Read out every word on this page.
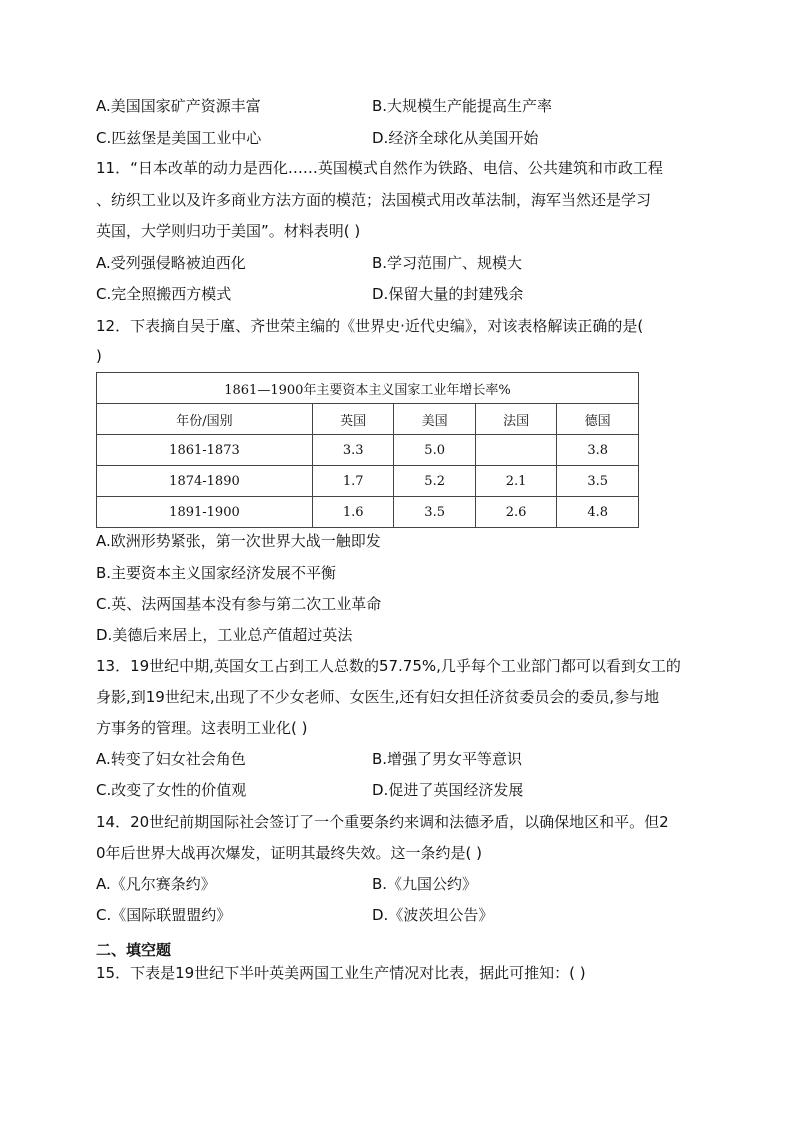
A.美国国家矿产资源丰富	B.大规模生产能提高生产率
C.匹兹堡是美国工业中心	D.经济全球化从美国开始
11．“日本改革的动力是西化……英国模式自然作为铁路、电信、公共建筑和市政工程
、纺织工业以及许多商业方法方面的模范；法国模式用改革法制，海军当然还是学习
英国，大学则归功于美国”。材料表明( )
A.受列强侵略被迫西化	B.学习范围广、规模大
C.完全照搬西方模式	D.保留大量的封建残余
12．下表摘自吴于廑、齐世荣主编的《世界史·近代史编》，对该表格解读正确的是(
)
1861—1900年主要资本主义国家工业年增长率%				
年份/国别	英国	美国	法国	德国
1861-1873	3.3	5.0		3.8
1874-1890	1.7	5.2	2.1	3.5
1891-1900	1.6	3.5	2.6	4.8
A.欧洲形势紧张，第一次世界大战一触即发
B.主要资本主义国家经济发展不平衡
C.英、法两国基本没有参与第二次工业革命
D.美德后来居上，工业总产值超过英法
13．19世纪中期,英国女工占到工人总数的57.75%,几乎每个工业部门都可以看到女工的
身影,到19世纪末,出现了不少女老师、女医生,还有妇女担任济贫委员会的委员,参与地
方事务的管理。这表明工业化( )
A.转变了妇女社会角色	B.增强了男女平等意识
C.改变了女性的价值观	D.促进了英国经济发展
14．20世纪前期国际社会签订了一个重要条约来调和法德矛盾，以确保地区和平。但2
0年后世界大战再次爆发，证明其最终失效。这一条约是( )
A.《凡尔赛条约》	B.《九国公约》
C.《国际联盟盟约》	D.《波茨坦公告》
二、填空题
15．下表是19世纪下半叶英美两国工业生产情况对比表，据此可推知：( )
